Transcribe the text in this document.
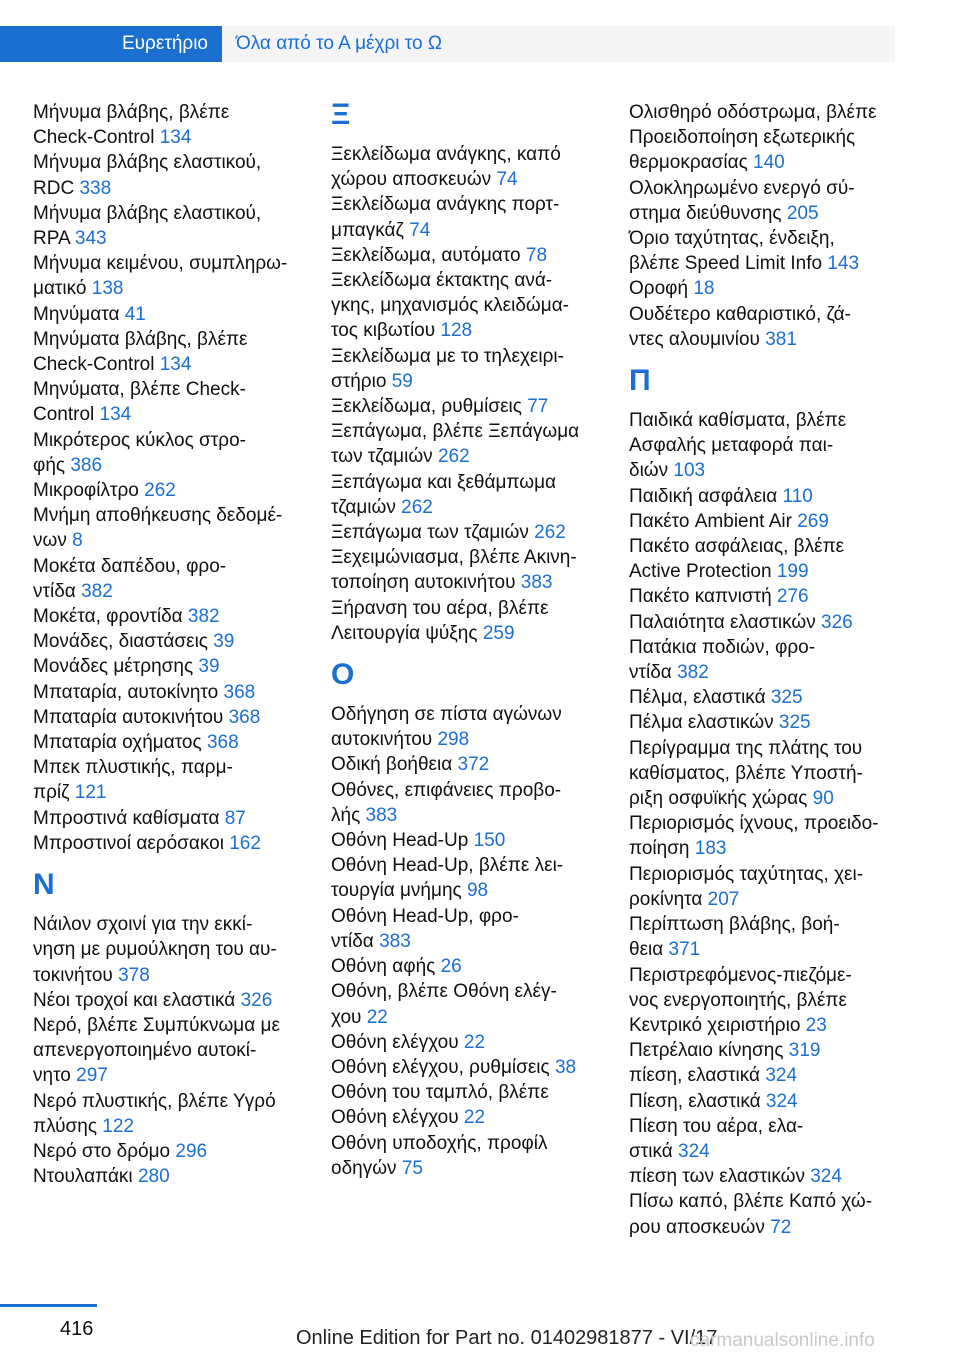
Ευρετήριο	Όλα από το Α μέχρι το Ω
Μήνυμα βλάβης, βλέπε
Check-Control 134
Μήνυμα βλάβης ελαστικού,
RDC 338
Μήνυμα βλάβης ελαστικού,
RPA 343
Μήνυμα κειμένου, συμπληρω-
ματικό 138
Μηνύματα 41
Μηνύματα βλάβης, βλέπε
Check-Control 134
Μηνύματα, βλέπε Check-
Control 134
Μικρότερος κύκλος στρο-
φής 386
Μικροφίλτρο 262
Μνήμη αποθήκευσης δεδομέ-
νων 8
Μοκέτα δαπέδου, φρο-
ντίδα 382
Μοκέτα, φροντίδα 382
Μονάδες, διαστάσεις 39
Μονάδες μέτρησης 39
Μπαταρία, αυτοκίνητο 368
Μπαταρία αυτοκινήτου 368
Μπαταρία οχήματος 368
Μπεκ πλυστικής, παρμ-
πρίζ 121
Μπροστινά καθίσματα 87
Μπροστινοί αερόσακοι 162
Ν
Νάιλον σχοινί για την εκκί-
νηση με ρυμούλκηση του αυ-
τοκινήτου 378
Νέοι τροχοί και ελαστικά 326
Νερό, βλέπε Συμπύκνωμα με
απενεργοποιημένο αυτοκί-
νητο 297
Νερό πλυστικής, βλέπε Υγρό
πλύσης 122
Νερό στο δρόμο 296
Ντουλαπάκι 280
Ξ
Ξεκλείδωμα ανάγκης, καπό
χώρου αποσκευών 74
Ξεκλείδωμα ανάγκης πορτ-
μπαγκάζ 74
Ξεκλείδωμα, αυτόματο 78
Ξεκλείδωμα έκτακτης ανά-
γκης, μηχανισμός κλειδώμα-
τος κιβωτίου 128
Ξεκλείδωμα με το τηλεχειρι-
στήριο 59
Ξεκλείδωμα, ρυθμίσεις 77
Ξεπάγωμα, βλέπε Ξεπάγωμα
των τζαμιών 262
Ξεπάγωμα και ξεθάμπωμα
τζαμιών 262
Ξεπάγωμα των τζαμιών 262
Ξεχειμώνιασμα, βλέπε Ακινη-
τοποίηση αυτοκινήτου 383
Ξήρανση του αέρα, βλέπε
Λειτουργία ψύξης 259
Ο
Οδήγηση σε πίστα αγώνων
αυτοκινήτου 298
Οδική βοήθεια 372
Οθόνες, επιφάνειες προβο-
λής 383
Οθόνη Head-Up 150
Οθόνη Head-Up, βλέπε λει-
τουργία μνήμης 98
Οθόνη Head-Up, φρο-
ντίδα 383
Οθόνη αφής 26
Οθόνη, βλέπε Οθόνη ελέγ-
χου 22
Οθόνη ελέγχου 22
Οθόνη ελέγχου, ρυθμίσεις 38
Οθόνη του ταμπλό, βλέπε
Οθόνη ελέγχου 22
Οθόνη υποδοχής, προφίλ
οδηγών 75
Ολισθηρό οδόστρωμα, βλέπε
Προειδοποίηση εξωτερικής
θερμοκρασίας 140
Ολοκληρωμένο ενεργό σύ-
στημα διεύθυνσης 205
Όριο ταχύτητας, ένδειξη,
βλέπε Speed Limit Info 143
Οροφή 18
Ουδέτερο καθαριστικό, ζά-
ντες αλουμινίου 381
Π
Παιδικά καθίσματα, βλέπε
Ασφαλής μεταφορά παι-
διών 103
Παιδική ασφάλεια 110
Πακέτο Ambient Air 269
Πακέτο ασφάλειας, βλέπε
Active Protection 199
Πακέτο καπνιστή 276
Παλαιότητα ελαστικών 326
Πατάκια ποδιών, φρο-
ντίδα 382
Πέλμα, ελαστικά 325
Πέλμα ελαστικών 325
Περίγραμμα της πλάτης του
καθίσματος, βλέπε Υποστή-
ριξη οσφυϊκής χώρας 90
Περιορισμός ίχνους, προειδο-
ποίηση 183
Περιορισμός ταχύτητας, χει-
ροκίνητα 207
Περίπτωση βλάβης, βοή-
θεια 371
Περιστρεφόμενος-πιεζόμε-
νος ενεργοποιητής, βλέπε
Κεντρικό χειριστήριο 23
Πετρέλαιο κίνησης 319
πίεση, ελαστικά 324
Πίεση, ελαστικά 324
Πίεση του αέρα, ελα-
στικά 324
πίεση των ελαστικών 324
Πίσω καπό, βλέπε Καπό χώ-
ρου αποσκευών 72
416	Online Edition for Part no. 01402981877 - VI/17
carmanualsonline.info
